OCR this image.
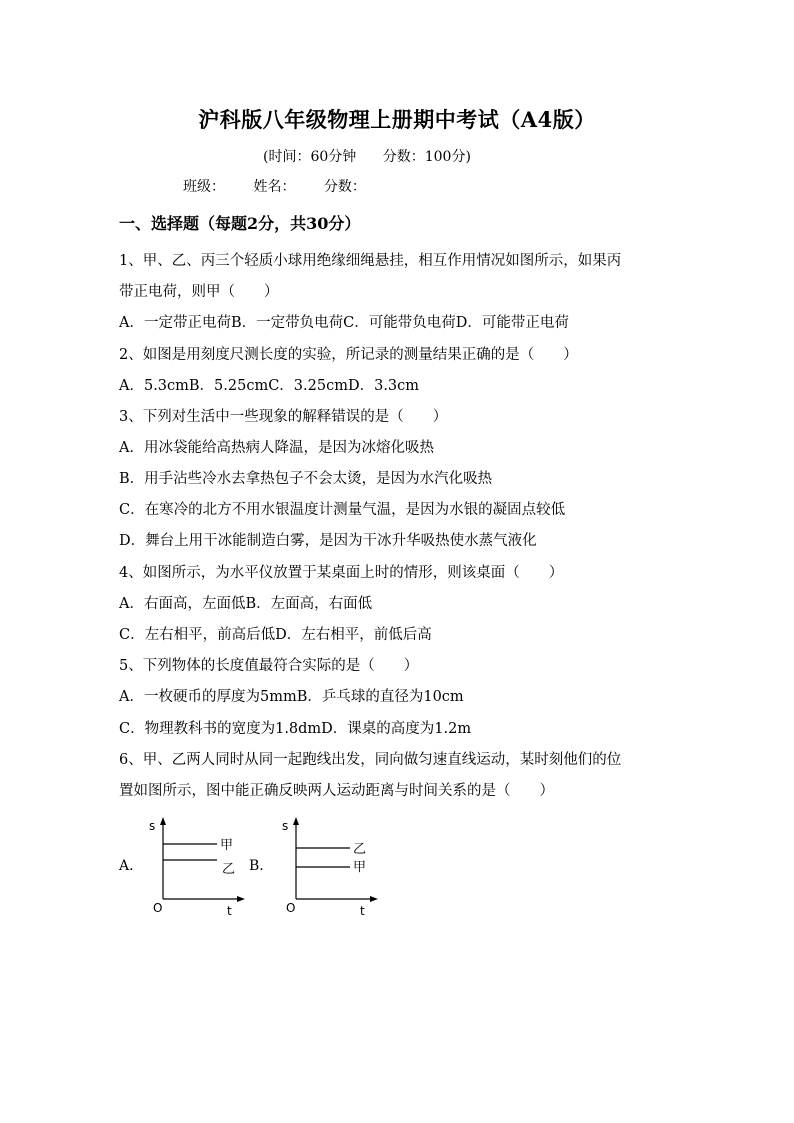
沪科版八年级物理上册期中考试（A4版）
(时间：60分钟 分数：100分)
班级： 姓名： 分数：
一、选择题（每题2分，共30分）
1、甲、乙、丙三个轻质小球用绝缘细绳悬挂，相互作用情况如图所示，如果丙
带正电荷，则甲（　　）
A．一定带正电荷B．一定带负电荷C．可能带负电荷D．可能带正电荷
2、如图是用刻度尺测长度的实验，所记录的测量结果正确的是（　　）
A．5.3cmB．5.25cmC．3.25cmD．3.3cm
3、下列对生活中一些现象的解释错误的是（　　）
A．用冰袋能给高热病人降温，是因为冰熔化吸热
B．用手沾些冷水去拿热包子不会太烫，是因为水汽化吸热
C．在寒冷的北方不用水银温度计测量气温，是因为水银的凝固点较低
D．舞台上用干冰能制造白雾，是因为干冰升华吸热使水蒸气液化
4、如图所示，为水平仪放置于某桌面上时的情形，则该桌面（　　）
A．右面高，左面低B．左面高，右面低
C．左右相平，前高后低D．左右相平，前低后高
5、下列物体的长度值最符合实际的是（　　）
A．一枚硬币的厚度为5mmB．乒乓球的直径为10cm
C．物理教科书的宽度为1.8dmD．课桌的高度为1.2m
6、甲、乙两人同时从同一起跑线出发，同向做匀速直线运动，某时刻他们的位
置如图所示，图中能正确反映两人运动距离与时间关系的是（　　）
A.
s
t
O
甲
乙 B.
s
t
O
乙
甲
